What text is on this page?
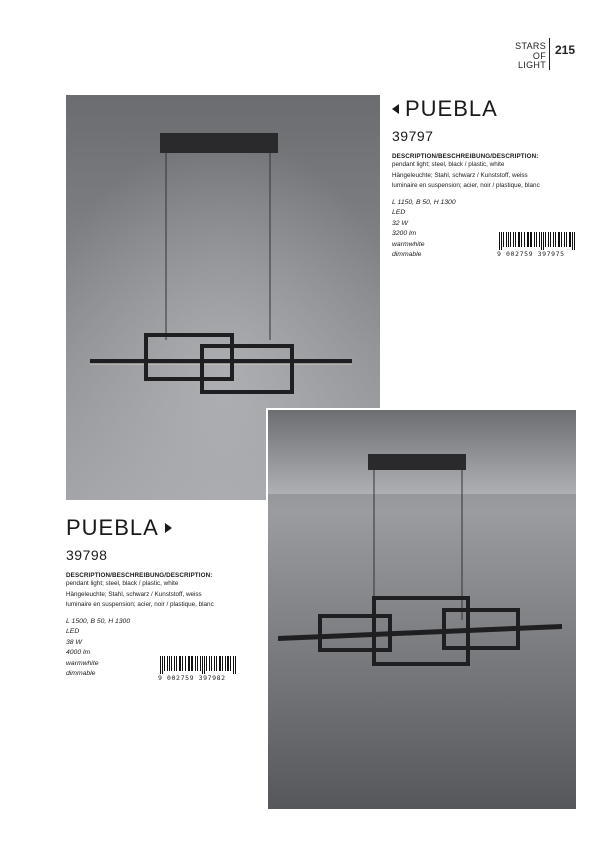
STARS
OF
LIGHT
215
PUEBLA
39797
DESCRIPTION/BESCHREIBUNG/DESCRIPTION:
pendant light; steel, black / plastic, white
Hängeleuchte; Stahl, schwarz / Kunststoff, weiss
luminaire en suspension; acier, noir / plastique, blanc
L 1150, B 50, H 1300
LED
32 W
3200 lm
warmwhite
dimmable	9 002759 397975
PUEBLA
39798
DESCRIPTION/BESCHREIBUNG/DESCRIPTION:
pendant light; steel, black / plastic, white
Hängeleuchte; Stahl, schwarz / Kunststoff, weiss
luminaire en suspension; acier, noir / plastique, blanc
L 1500, B 50, H 1300
LED
38 W
4000 lm
warmwhite
dimmable
9 002759 397982
